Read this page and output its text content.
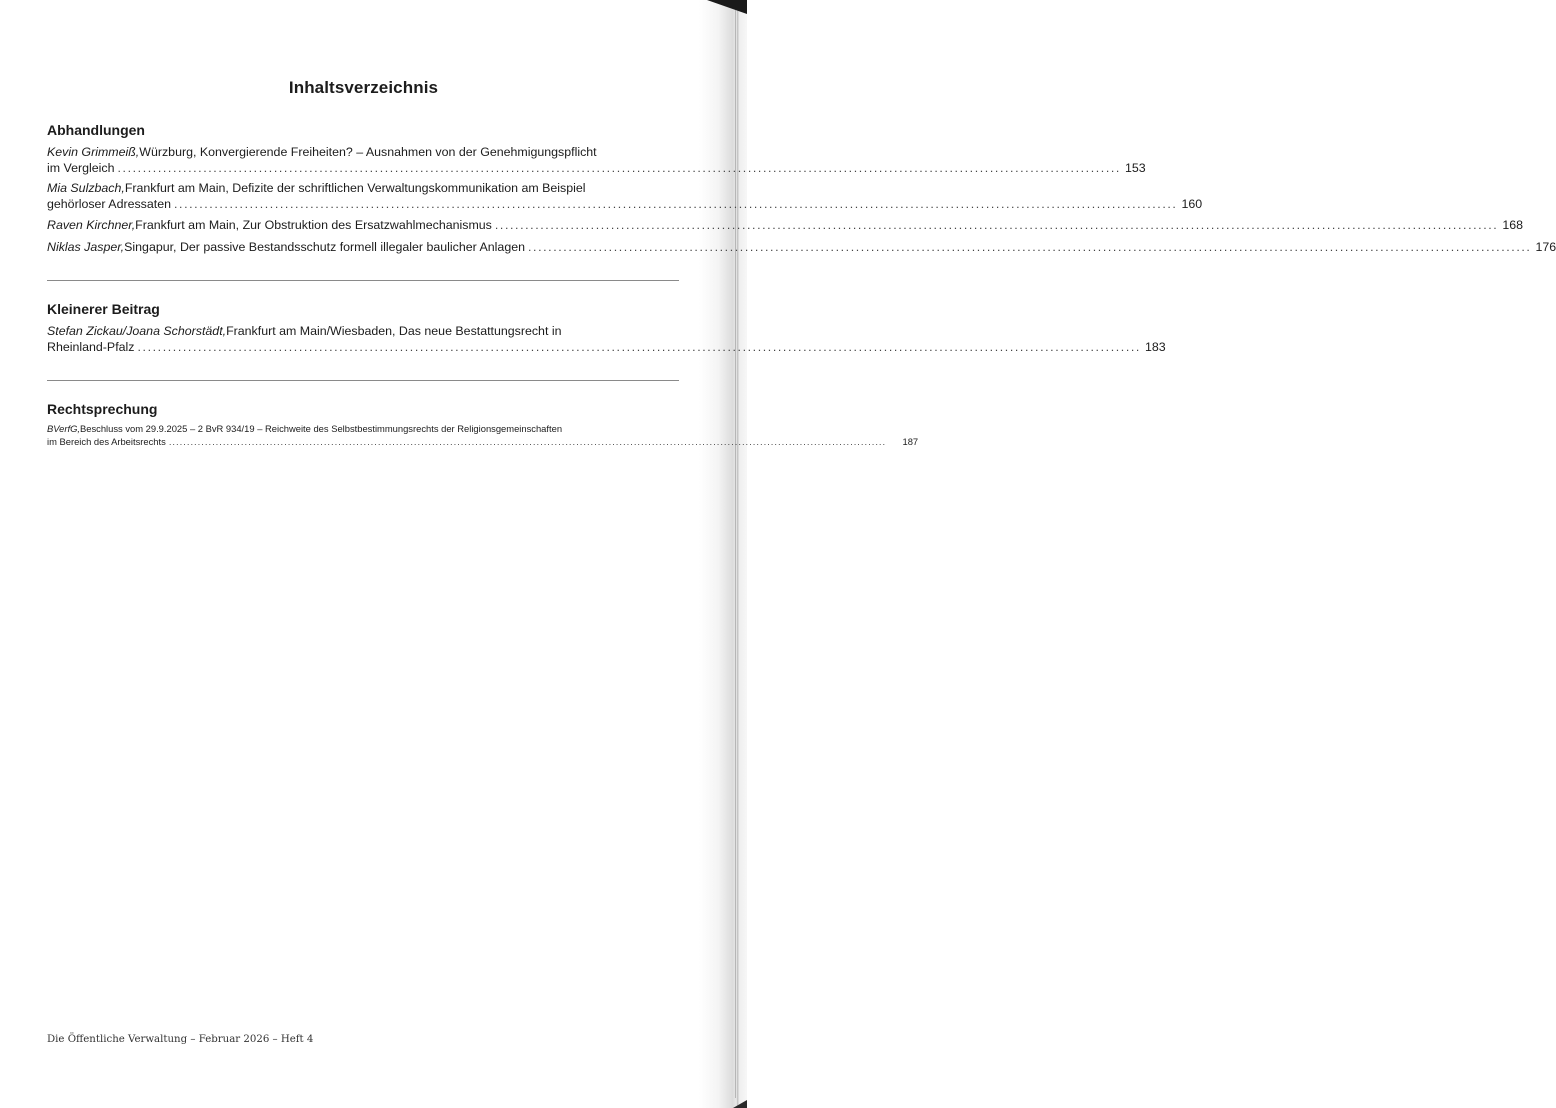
Inhaltsverzeichnis
Abhandlungen
Kevin Grimmeiß, Würzburg, Konvergierende Freiheiten? – Ausnahmen von der Genehmigungspflicht
im Vergleich ....................................................................................................................................................................................................... 153
Mia Sulzbach, Frankfurt am Main, Defizite der schriftlichen Verwaltungskommunikation am Beispiel
gehörloser Adressaten ....................................................................................................................................................................................................... 160
Raven Kirchner, Frankfurt am Main, Zur Obstruktion des Ersatzwahlmechanismus ....................................................................................................................................................................................................... 168
Niklas Jasper, Singapur, Der passive Bestandsschutz formell illegaler baulicher Anlagen ....................................................................................................................................................................................................... 176
Kleinerer Beitrag
Stefan Zickau/Joana Schorstädt, Frankfurt am Main/Wiesbaden, Das neue Bestattungsrecht in
Rheinland-Pfalz ....................................................................................................................................................................................................... 183
Rechtsprechung
BVerfG, Beschluss vom 29.9.2025 – 2 BvR 934/19 – Reichweite des Selbstbestimmungsrechts der Religionsgemeinschaften
im Bereich des Arbeitsrechts .......................................................................................................................................................................................................	187
Die Öffentliche Verwaltung – Februar 2026 – Heft 4
